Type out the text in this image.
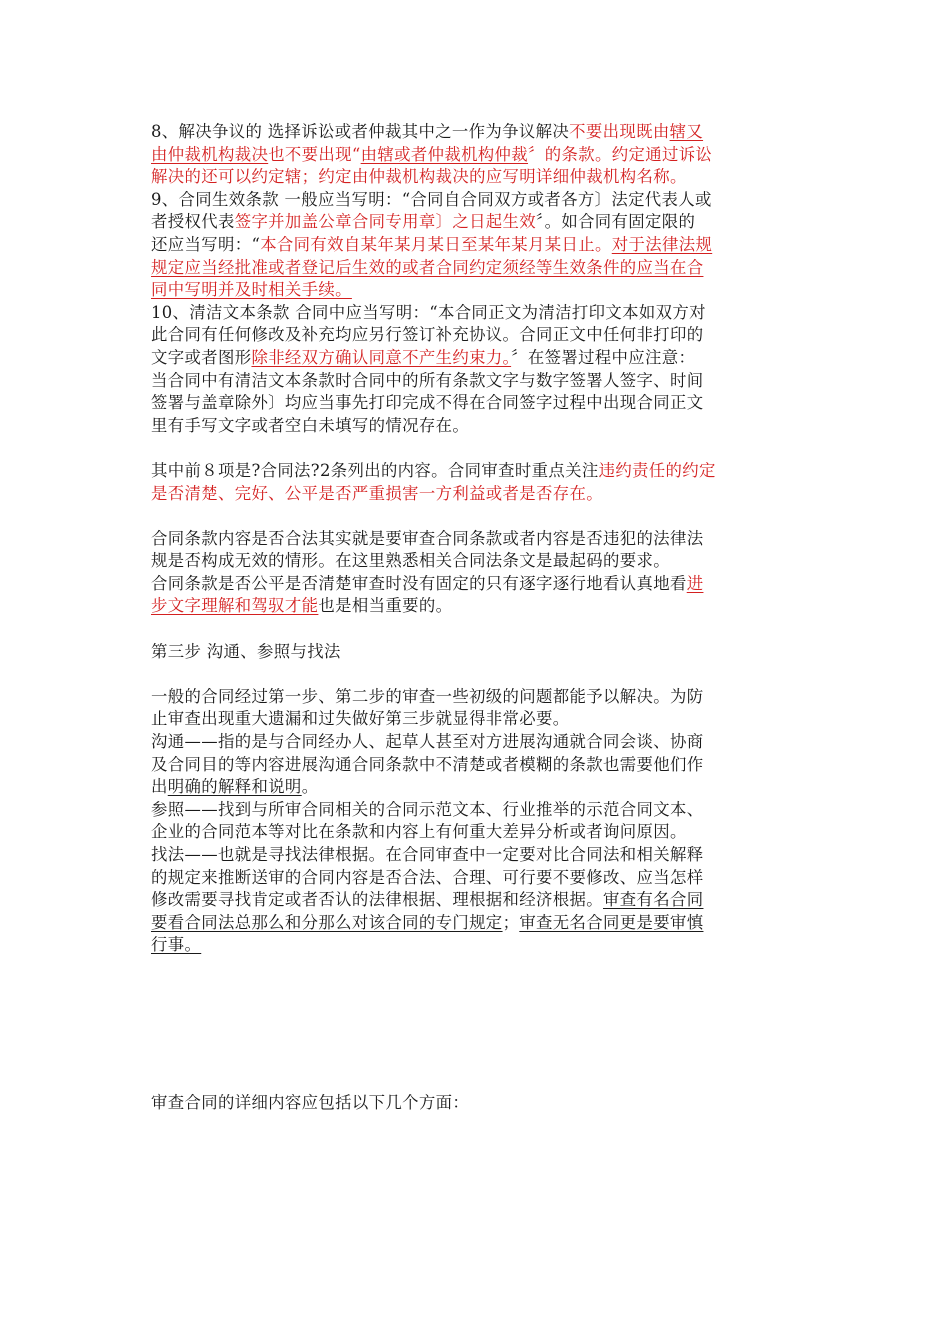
8、解决争议的 选择诉讼或者仲裁其中之一作为争议解决不要出现既由辖又
由仲裁机构裁决也不要出现“由辖或者仲裁机构仲裁〞的条款。约定通过诉讼
解决的还可以约定辖；约定由仲裁机构裁决的应写明详细仲裁机构名称。
9、合同生效条款 一般应当写明：“合同自合同双方或者各方〕法定代表人或
者授权代表签字并加盖公章合同专用章〕之日起生效〞。如合同有固定限的
还应当写明：“本合同有效自某年某月某日至某年某月某日止。对于法律法规
规定应当经批准或者登记后生效的或者合同约定须经等生效条件的应当在合
同中写明并及时相关手续。
10、清洁文本条款 合同中应当写明：“本合同正文为清洁打印文本如双方对
此合同有任何修改及补充均应另行签订补充协议。合同正文中任何非打印的
文字或者图形除非经双方确认同意不产生约束力。〞在签署过程中应注意：
当合同中有清洁文本条款时合同中的所有条款文字与数字签署人签字、时间
签署与盖章除外〕均应当事先打印完成不得在合同签字过程中出现合同正文
里有手写文字或者空白未填写的情况存在。
其中前８项是?合同法?2条列出的内容。合同审查时重点关注违约责任的约定
是否清楚、完好、公平是否严重损害一方利益或者是否存在。
合同条款内容是否合法其实就是要审查合同条款或者内容是否违犯的法律法
规是否构成无效的情形。在这里熟悉相关合同法条文是最起码的要求。
合同条款是否公平是否清楚审查时没有固定的只有逐字逐行地看认真地看进
步文字理解和驾驭才能也是相当重要的。
第三步 沟通、参照与找法
一般的合同经过第一步、第二步的审查一些初级的问题都能予以解决。为防
止审查出现重大遗漏和过失做好第三步就显得非常必要。
沟通——指的是与合同经办人、起草人甚至对方进展沟通就合同会谈、协商
及合同目的等内容进展沟通合同条款中不清楚或者模糊的条款也需要他们作
出明确的解释和说明。
参照——找到与所审合同相关的合同示范文本、行业推举的示范合同文本、
企业的合同范本等对比在条款和内容上有何重大差异分析或者询问原因。
找法——也就是寻找法律根据。在合同审查中一定要对比合同法和相关解释
的规定来推断送审的合同内容是否合法、合理、可行要不要修改、应当怎样
修改需要寻找肯定或者否认的法律根据、理根据和经济根据。审查有名合同
要看合同法总那么和分那么对该合同的专门规定；审查无名合同更是要审慎
行事。
审查合同的详细内容应包括以下几个方面：
